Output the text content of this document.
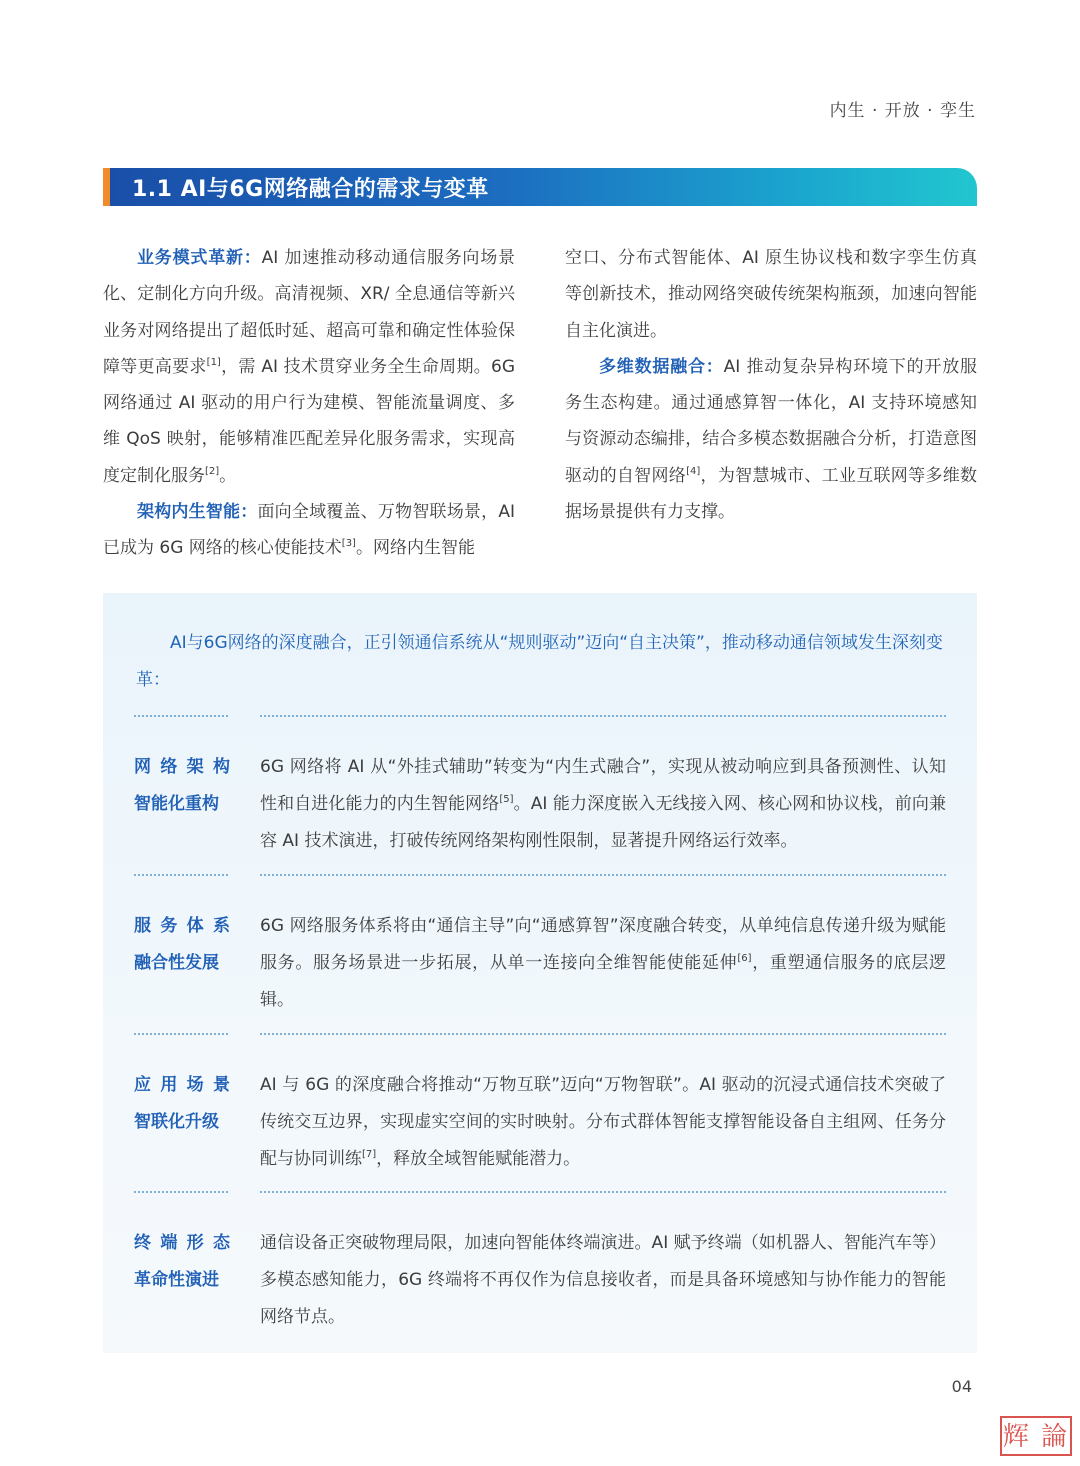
内生 · 开放 · 孪生
1.1 AI与6G网络融合的需求与变革

业务模式革新：AI 加速推动移动通信服务向场景化、定制化方向升级。高清视频、XR/ 全息通信等新兴业务对网络提出了超低时延、超高可靠和确定性体验保障等更高要求[1]，需 AI 技术贯穿业务全生命周期。6G 网络通过 AI 驱动的用户行为建模、智能流量调度、多维 QoS 映射，能够精准匹配差异化服务需求，实现高度定制化服务[2]。

架构内生智能：面向全域覆盖、万物智联场景，AI 已成为 6G 网络的核心使能技术[3]。网络内生智能

空口、分布式智能体、AI 原生协议栈和数字孪生仿真等创新技术，推动网络突破传统架构瓶颈，加速向智能自主化演进。

多维数据融合：AI 推动复杂异构环境下的开放服务生态构建。通过通感算智一体化，AI 支持环境感知与资源动态编排，结合多模态数据融合分析，打造意图驱动的自智网络[4]，为智慧城市、工业互联网等多维数据场景提供有力支撑。

AI与6G网络的深度融合，正引领通信系统从“规则驱动”迈向“自主决策”，推动移动通信领域发生深刻变革：

网络架构
智能化重构

6G 网络将 AI 从“外挂式辅助”转变为“内生式融合”，实现从被动响应到具备预测性、认知性和自进化能力的内生智能网络[5]。AI 能力深度嵌入无线接入网、核心网和协议栈，前向兼容 AI 技术演进，打破传统网络架构刚性限制，显著提升网络运行效率。

服务体系
融合性发展

6G 网络服务体系将由“通信主导”向“通感算智”深度融合转变，从单纯信息传递升级为赋能服务。服务场景进一步拓展，从单一连接向全维智能使能延伸[6]，重塑通信服务的底层逻辑。

应用场景
智联化升级

AI 与 6G 的深度融合将推动“万物互联”迈向“万物智联”。AI 驱动的沉浸式通信技术突破了传统交互边界，实现虚实空间的实时映射。分布式群体智能支撑智能设备自主组网、任务分配与协同训练[7]，释放全域智能赋能潜力。

终端形态
革命性演进

通信设备正突破物理局限，加速向智能体终端演进。AI 赋予终端（如机器人、智能汽车等）多模态感知能力，6G 终端将不再仅作为信息接收者，而是具备环境感知与协作能力的智能网络节点。

04
辉 論
